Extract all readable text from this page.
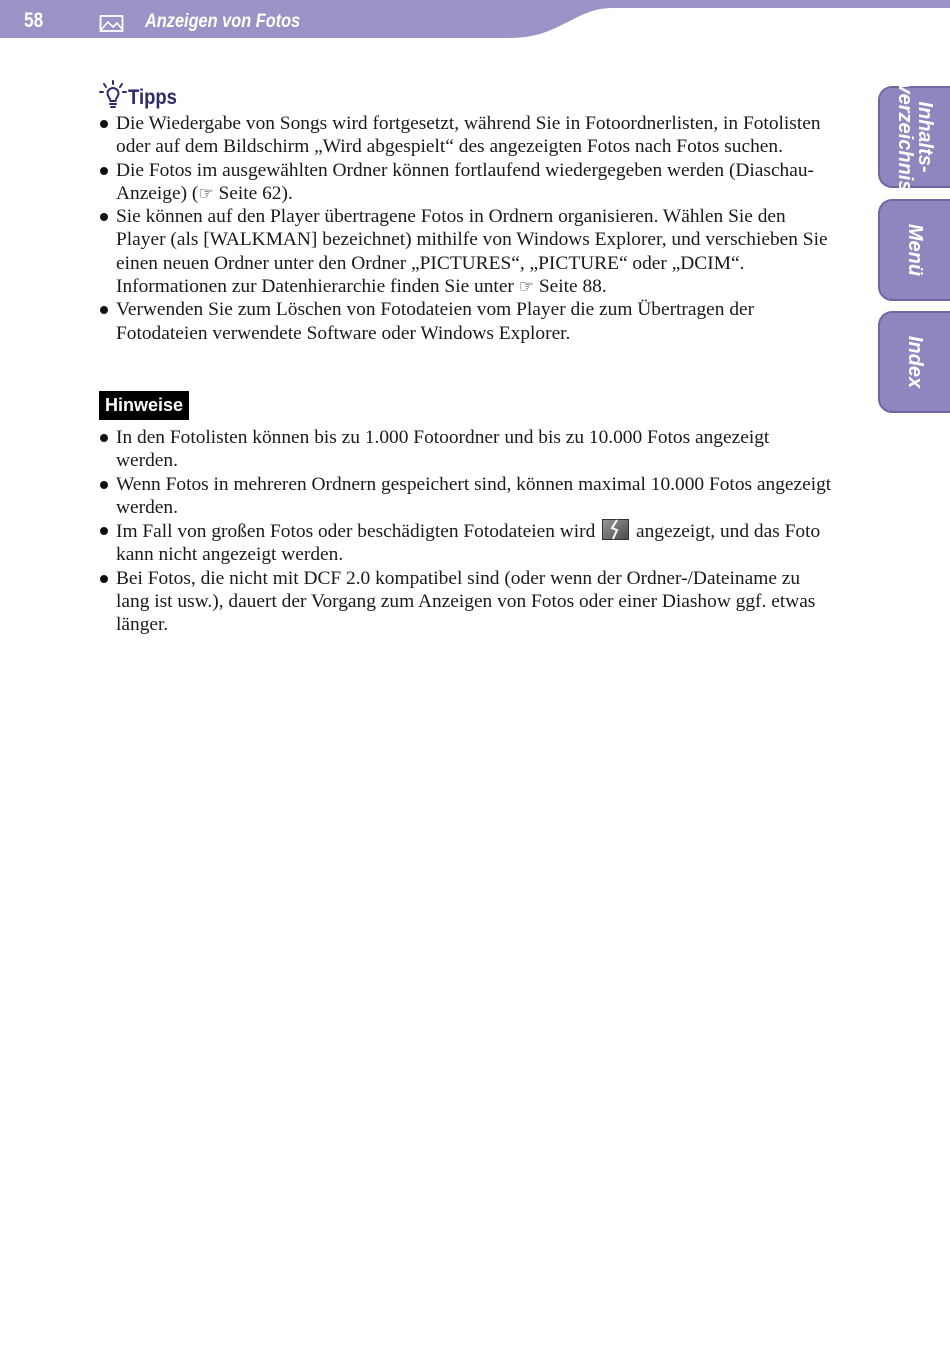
58	Anzeigen von Fotos
Inhalts-
verzeichnis
Menü
Index
Tipps
Die Wiedergabe von Songs wird fortgesetzt, während Sie in Fotoordnerlisten, in Fotolisten oder auf dem Bildschirm „Wird abgespielt“ des angezeigten Fotos nach Fotos suchen.
Die Fotos im ausgewählten Ordner können fortlaufend wiedergegeben werden (Diaschau-Anzeige) (☞ Seite 62).
Sie können auf den Player übertragene Fotos in Ordnern organisieren. Wählen Sie den Player (als [WALKMAN] bezeichnet) mithilfe von Windows Explorer, und verschieben Sie einen neuen Ordner unter den Ordner „PICTURES“, „PICTURE“ oder „DCIM“. Informationen zur Datenhierarchie finden Sie unter ☞ Seite 88.
Verwenden Sie zum Löschen von Fotodateien vom Player die zum Übertragen der Fotodateien verwendete Software oder Windows Explorer.
Hinweise
In den Fotolisten können bis zu 1.000 Fotoordner und bis zu 10.000 Fotos angezeigt werden.
Wenn Fotos in mehreren Ordnern gespeichert sind, können maximal 10.000 Fotos angezeigt werden.
Im Fall von großen Fotos oder beschädigten Fotodateien wird  angezeigt, und das Foto kann nicht angezeigt werden.
Bei Fotos, die nicht mit DCF 2.0 kompatibel sind (oder wenn der Ordner-/Dateiname zu lang ist usw.), dauert der Vorgang zum Anzeigen von Fotos oder einer Diashow ggf. etwas länger.
